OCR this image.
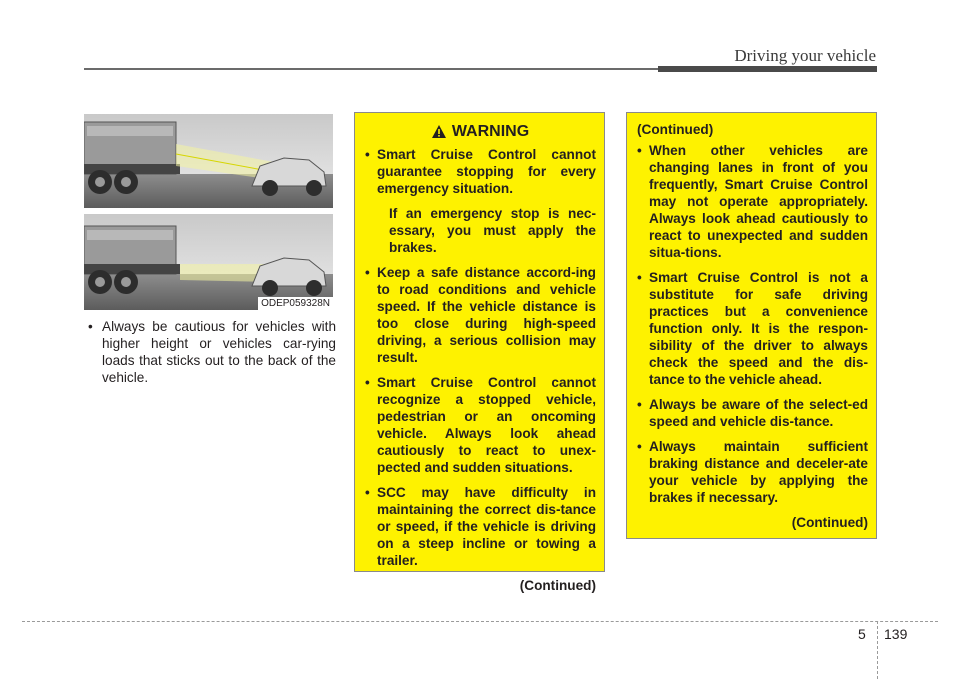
Driving your vehicle
ODEP059328N
• Always be cautious for vehicles with higher height or vehicles car-rying loads that sticks out to the back of the vehicle.
WARNING
• Smart Cruise Control cannot guarantee stopping for every emergency situation.
If an emergency stop is nec-essary, you must apply the brakes.
• Keep a safe distance accord-ing to road conditions and vehicle speed. If the vehicle distance is too close during high-speed driving, a serious collision may result.
• Smart Cruise Control cannot recognize a stopped vehicle, pedestrian or an oncoming vehicle. Always look ahead cautiously to react to unex-pected and sudden situations.
• SCC may have difficulty in maintaining the correct dis-tance or speed, if the vehicle is driving on a steep incline or towing a trailer.
(Continued)
(Continued)
• When other vehicles are changing lanes in front of you frequently, Smart Cruise Control may not operate appropriately. Always look ahead cautiously to react to unexpected and sudden situa-tions.
• Smart Cruise Control is not a substitute for safe driving practices but a convenience function only. It is the respon-sibility of the driver to always check the speed and the dis-tance to the vehicle ahead.
• Always be aware of the select-ed speed and vehicle dis-tance.
• Always maintain sufficient braking distance and deceler-ate your vehicle by applying the brakes if necessary.
(Continued)
5 139
